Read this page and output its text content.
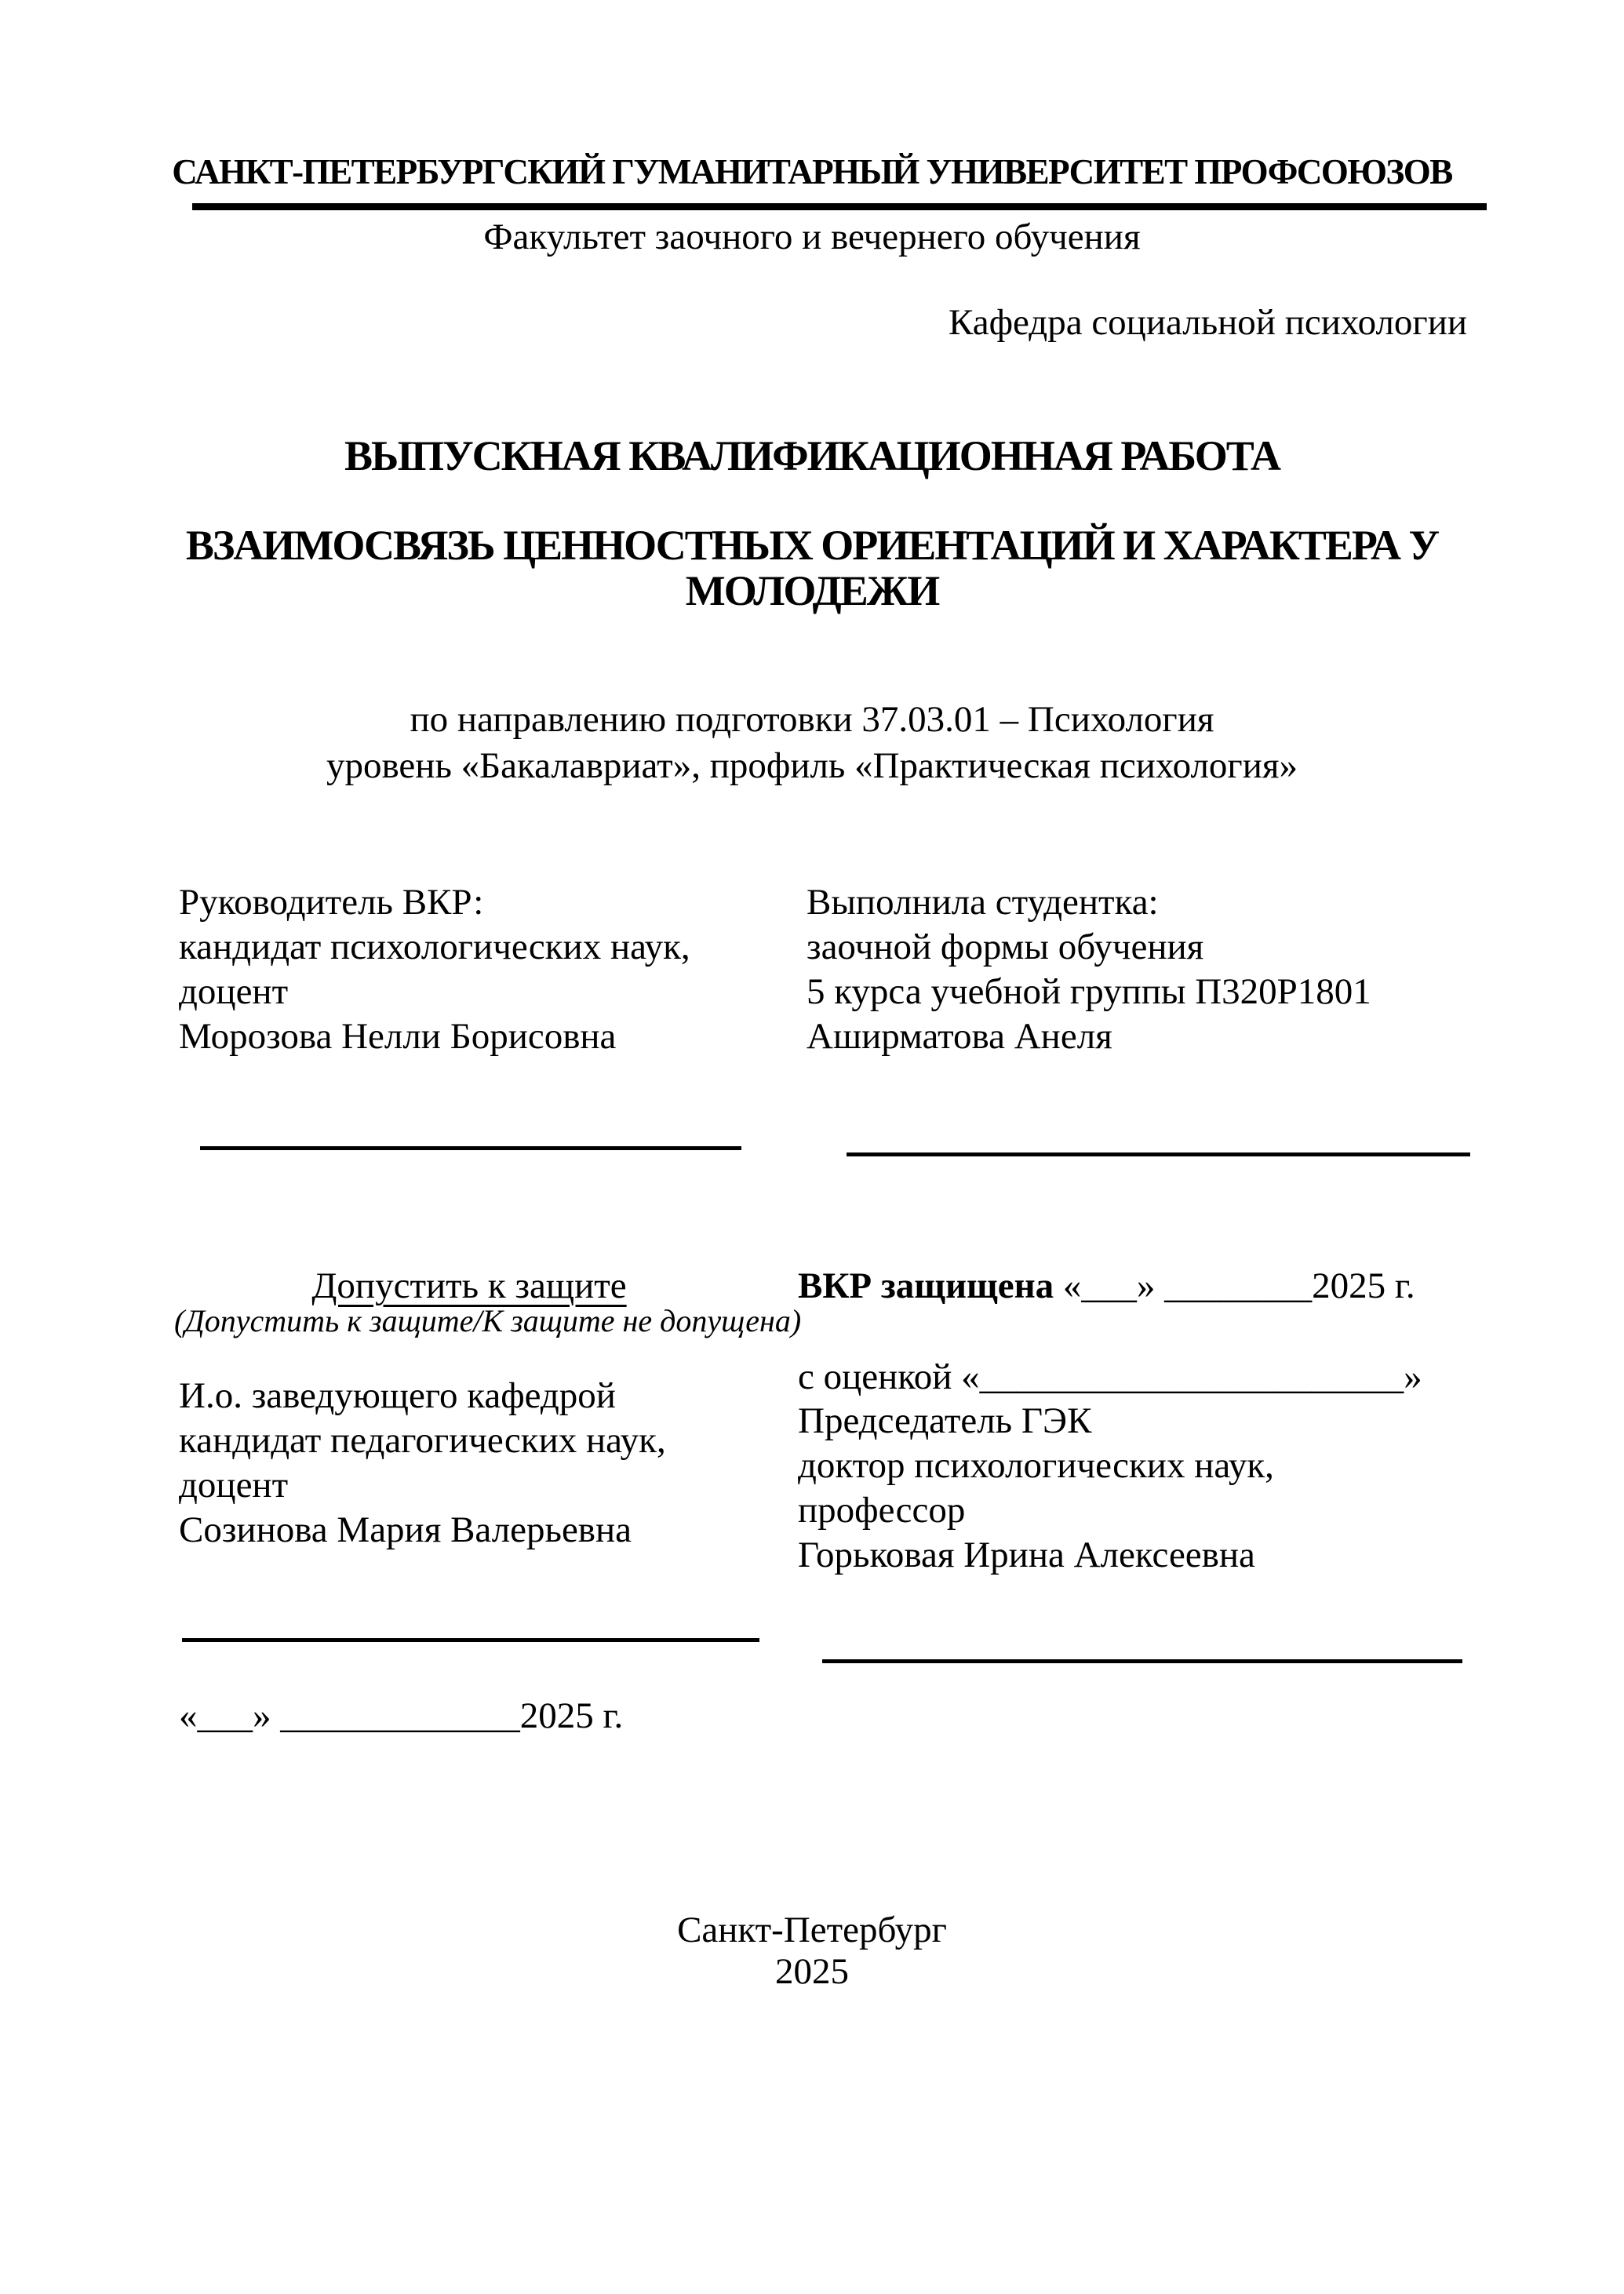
САНКТ-ПЕТЕРБУРГСКИЙ ГУМАНИТАРНЫЙ УНИВЕРСИТЕТ ПРОФСОЮЗОВ
Факультет заочного и вечернего обучения
Кафедра социальной психологии
ВЫПУСКНАЯ КВАЛИФИКАЦИОННАЯ РАБОТА
ВЗАИМОСВЯЗЬ ЦЕННОСТНЫХ ОРИЕНТАЦИЙ И ХАРАКТЕРА У
МОЛОДЕЖИ
по направлению подготовки 37.03.01 – Психология
уровень «Бакалавриат», профиль «Практическая психология»
Руководитель ВКР:
кандидат психологических наук,
доцент
Морозова Нелли Борисовна
Выполнила студентка:
заочной формы обучения
5 курса учебной группы П320Р1801
Аширматова Анеля
Допустить к защите
(Допустить к защите/К защите не допущена)
ВКР защищена «___» ________2025 г.
с оценкой «_______________________»
И.о. заведующего кафедрой
кандидат педагогических наук,
доцент
Созинова Мария Валерьевна
Председатель ГЭК
доктор психологических наук,
профессор
Горьковая Ирина Алексеевна
«___» _____________2025 г.
Санкт-Петербург
2025
